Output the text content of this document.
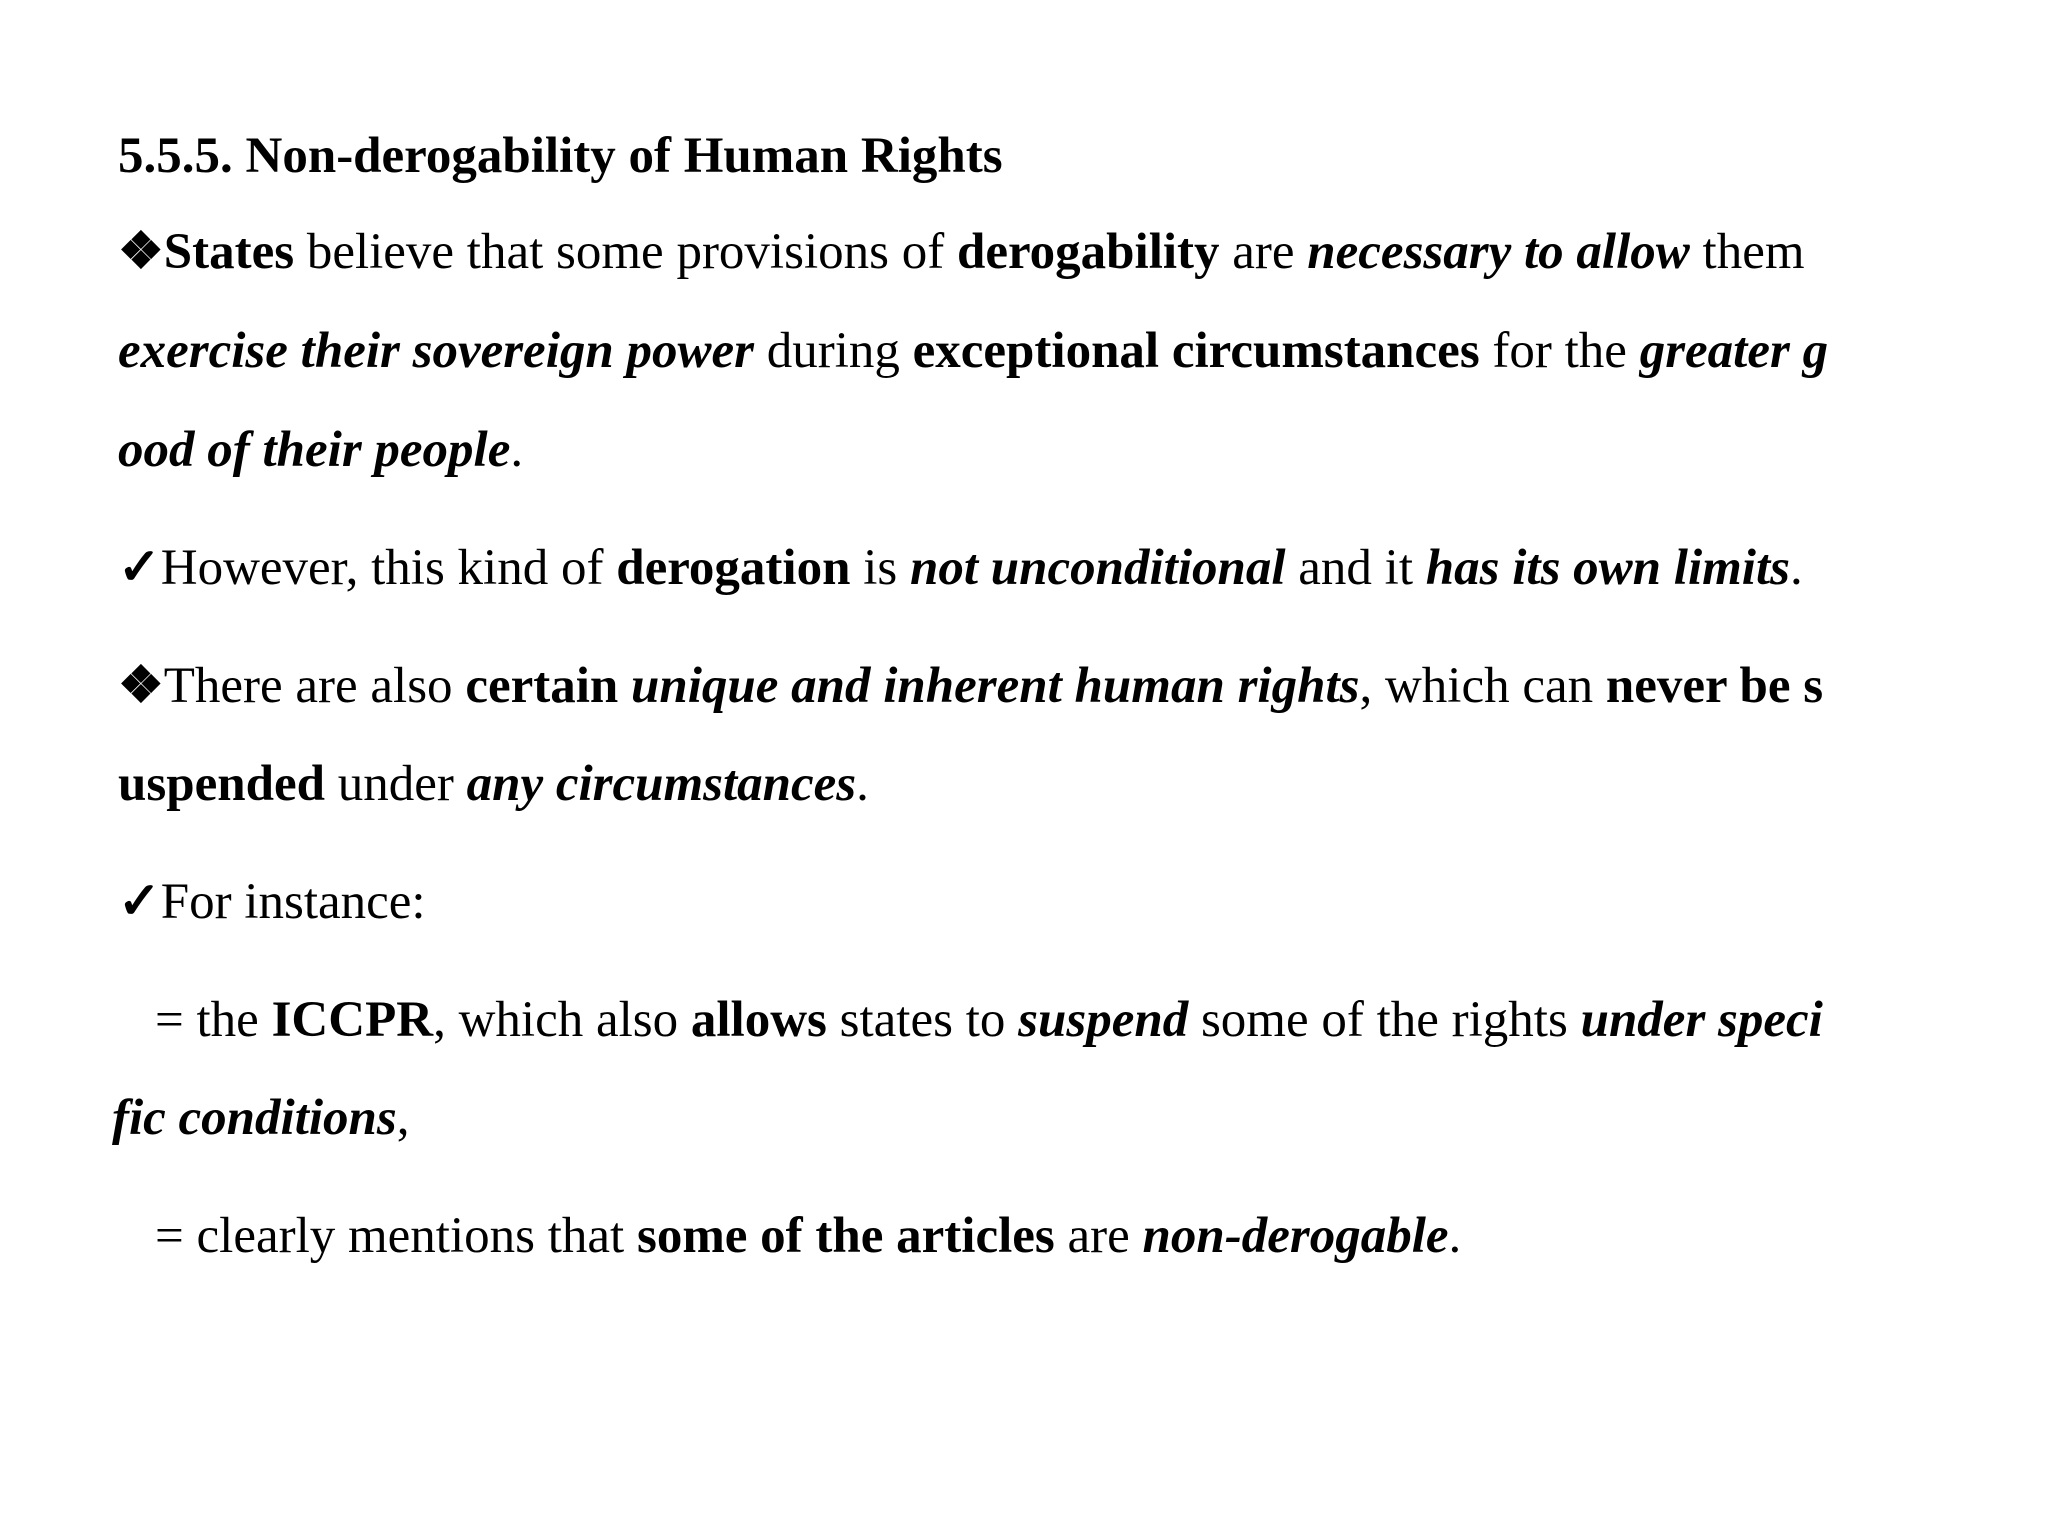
5.5.5. Non-derogability of Human Rights
❖States believe that some provisions of derogability are necessary to allow them
exercise their sovereign power during exceptional circumstances for the greater g
ood of their people.
✓However, this kind of derogation is not unconditional and it has its own limits.
❖There are also certain unique and inherent human rights, which can never be s
uspended under any circumstances.
✓For instance:
= the ICCPR, which also allows states to suspend some of the rights under speci
fic conditions,
= clearly mentions that some of the articles are non-derogable.
